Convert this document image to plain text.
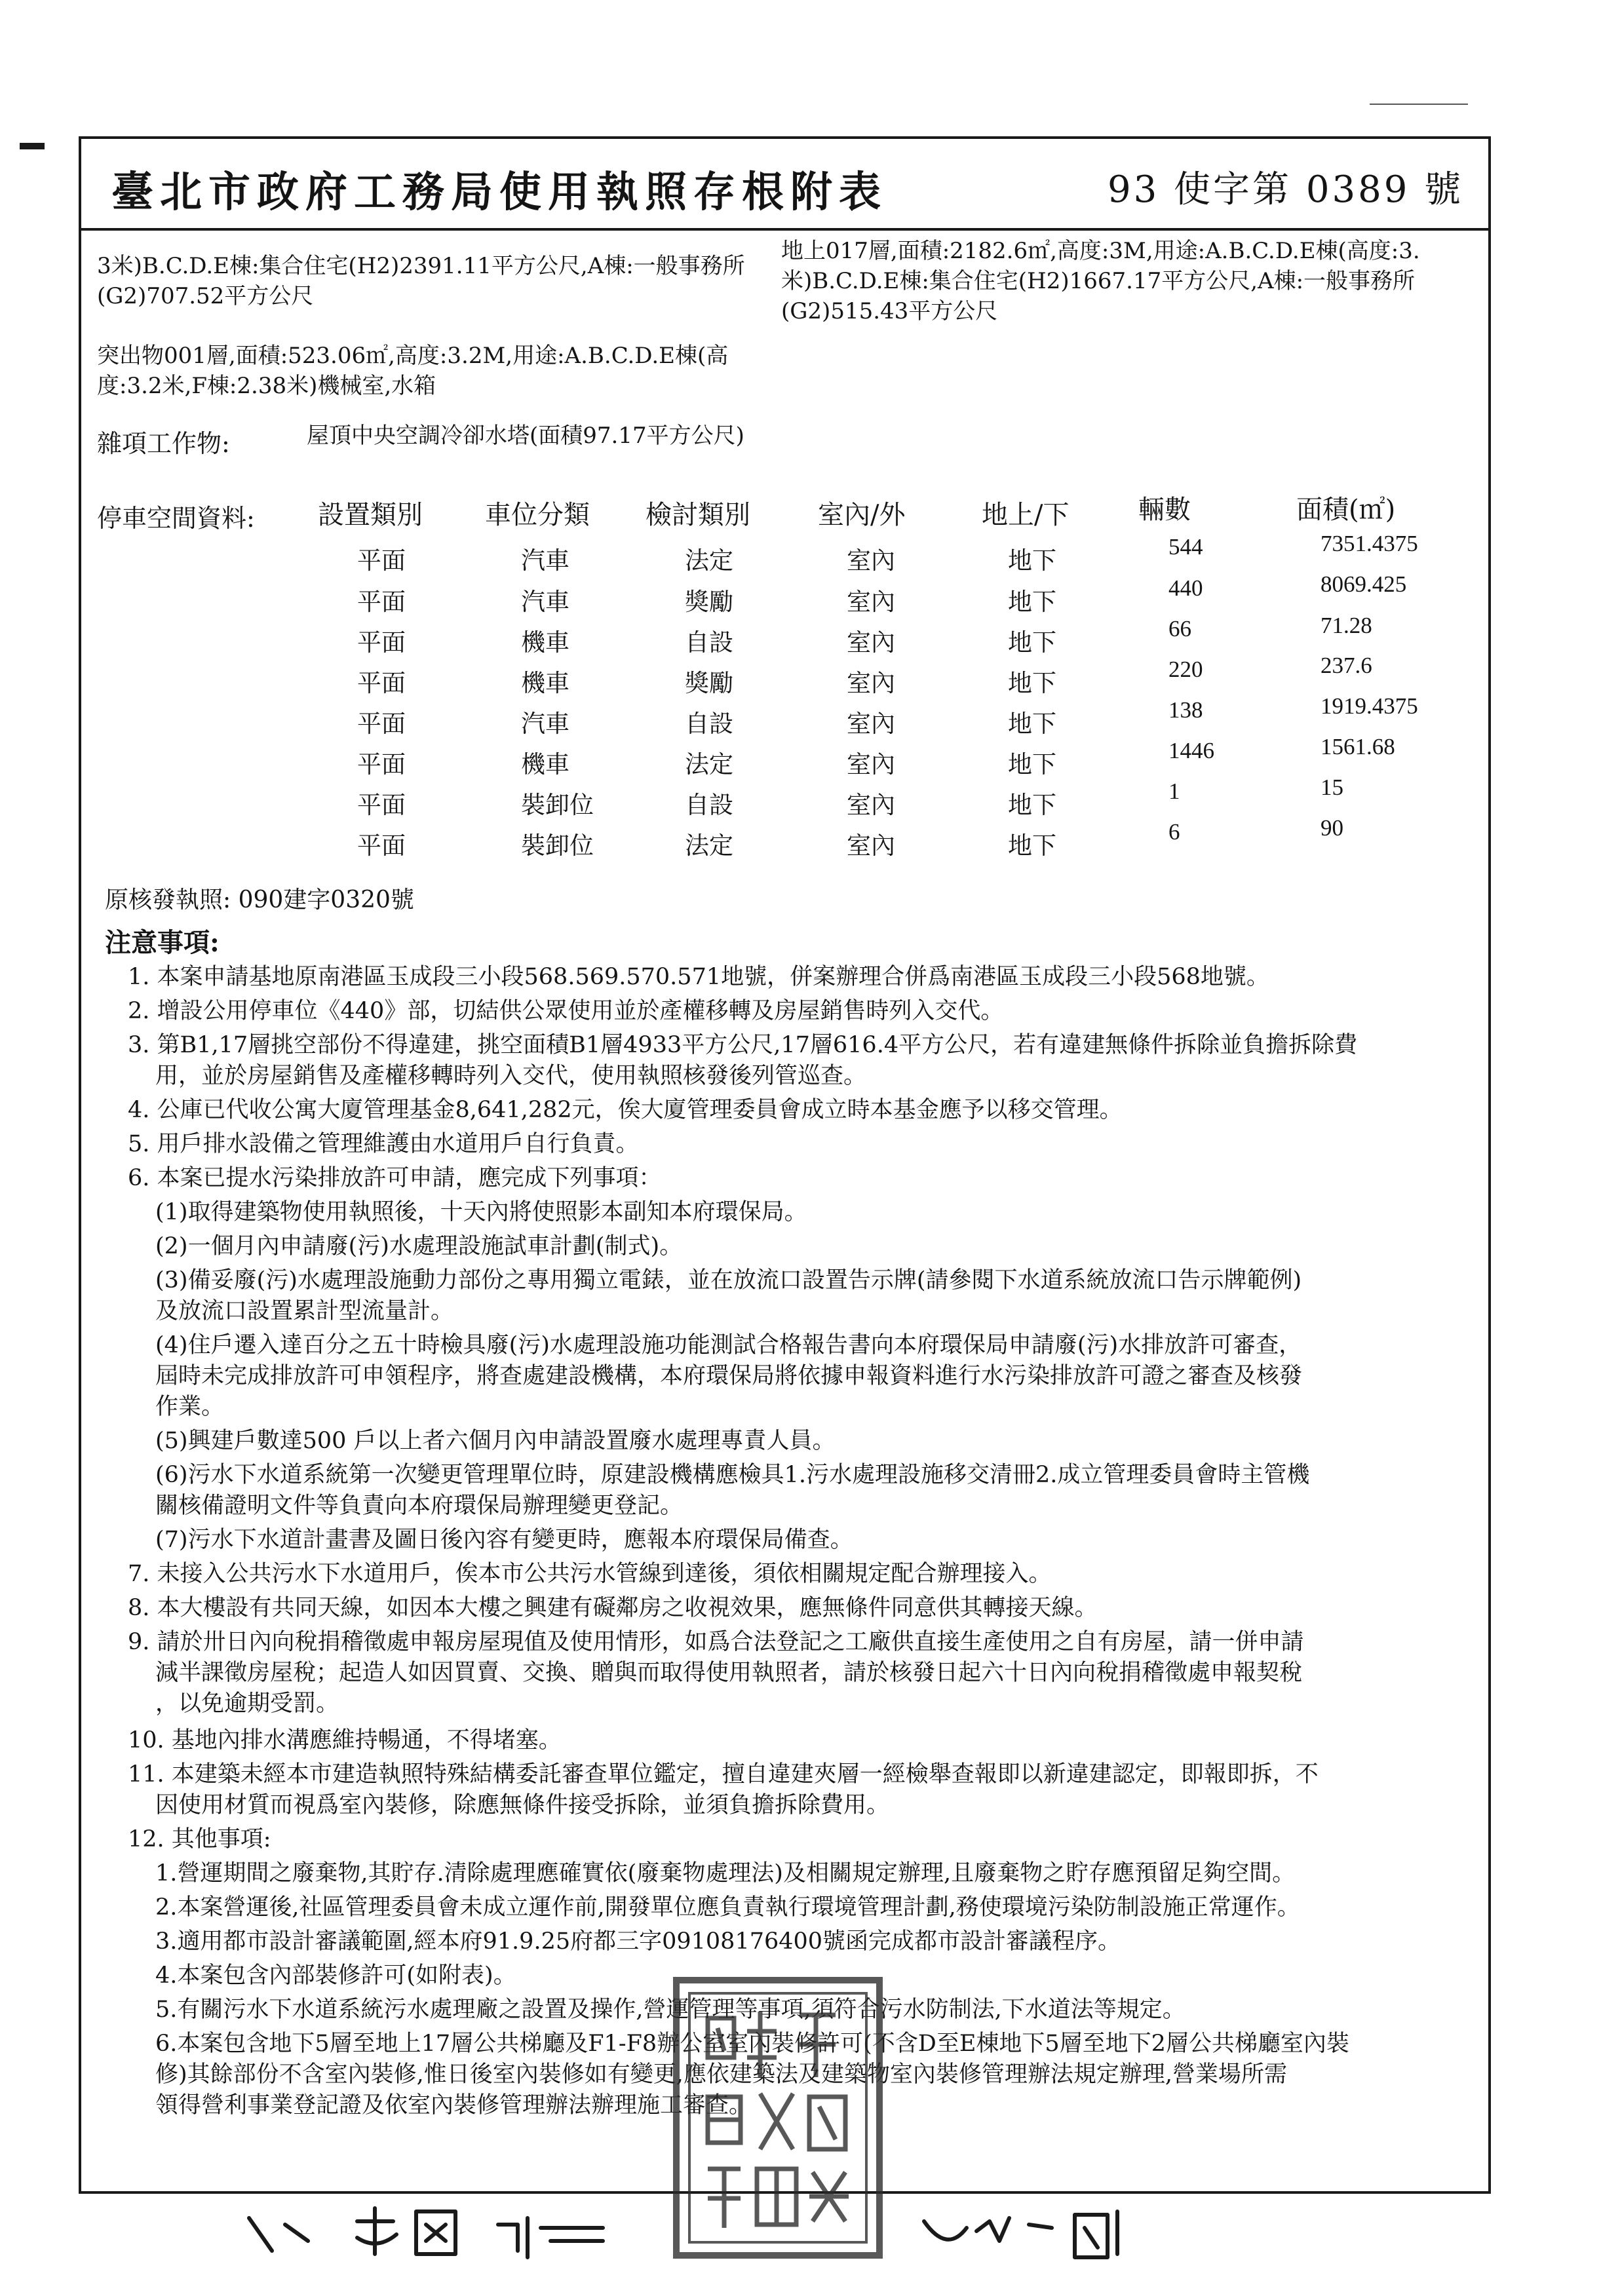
臺北市政府工務局使用執照存根附表	93 使字第 0389 號

3米)B.C.D.E棟:集合住宅(H2)2391.11平方公尺,A棟:一般事務所(G2)707.52平方公尺

地上017層,面積:2182.6㎡,高度:3M,用途:A.B.C.D.E棟(高度:3.米)B.C.D.E棟:集合住宅(H2)1667.17平方公尺,A棟:一般事務所(G2)515.43平方公尺

突出物001層,面積:523.06㎡,高度:3.2M,用途:A.B.C.D.E棟(高度:3.2米,F棟:2.38米)機械室,水箱

雜項工作物:	屋頂中央空調冷卻水塔(面積97.17平方公尺)

停車空間資料: 設置類別 車位分類 檢討類別	室內/外	地上/下	輛數	面積(㎡)
平面	汽車	法定	室內	地下	544	7351.4375
平面	汽車	獎勵	室內	地下	440	8069.425
平面	機車	自設	室內	地下	66	71.28
平面	機車	獎勵	室內	地下	220	237.6
平面	汽車	自設	室內	地下	138	1919.4375
平面	機車	法定	室內	地下	1446	1561.68
平面	裝卸位	自設	室內	地下	1	15
平面	裝卸位	法定	室內	地下	6	90
原核發執照: 090建字0320號
注意事項:
1. 本案申請基地原南港區玉成段三小段568.569.570.571地號，併案辦理合併爲南港區玉成段三小段568地號。
2. 增設公用停車位《440》部，切結供公眾使用並於產權移轉及房屋銷售時列入交代。
3. 第B1,17層挑空部份不得違建，挑空面積B1層4933平方公尺,17層616.4平方公尺，若有違建無條件拆除並負擔拆除費
用，並於房屋銷售及產權移轉時列入交代，使用執照核發後列管巡查。
4. 公庫已代收公寓大廈管理基金8,641,282元，俟大廈管理委員會成立時本基金應予以移交管理。
5. 用戶排水設備之管理維護由水道用戶自行負責。
6. 本案已提水污染排放許可申請，應完成下列事項：
(1)取得建築物使用執照後，十天內將使照影本副知本府環保局。
(2)一個月內申請廢(污)水處理設施試車計劃(制式)。
(3)備妥廢(污)水處理設施動力部份之專用獨立電錶，並在放流口設置告示牌(請參閱下水道系統放流口告示牌範例)
及放流口設置累計型流量計。
(4)住戶遷入達百分之五十時檢具廢(污)水處理設施功能測試合格報告書向本府環保局申請廢(污)水排放許可審查，
屆時未完成排放許可申領程序，將查處建設機構，本府環保局將依據申報資料進行水污染排放許可證之審查及核發
作業。
(5)興建戶數達500 戶以上者六個月內申請設置廢水處理專責人員。
(6)污水下水道系統第一次變更管理單位時，原建設機構應檢具1.污水處理設施移交清冊2.成立管理委員會時主管機
關核備證明文件等負責向本府環保局辦理變更登記。
(7)污水下水道計畫書及圖日後內容有變更時，應報本府環保局備查。
7. 未接入公共污水下水道用戶，俟本市公共污水管線到達後，須依相關規定配合辦理接入。
8. 本大樓設有共同天線，如因本大樓之興建有礙鄰房之收視效果，應無條件同意供其轉接天線。
9. 請於卅日內向稅捐稽徵處申報房屋現值及使用情形，如爲合法登記之工廠供直接生產使用之自有房屋，請一併申請
減半課徵房屋稅；起造人如因買賣、交換、贈與而取得使用執照者，請於核發日起六十日內向稅捐稽徵處申報契稅
，以免逾期受罰。
10. 基地內排水溝應維持暢通，不得堵塞。
11. 本建築未經本市建造執照特殊結構委託審查單位鑑定，擅自違建夾層一經檢舉查報即以新違建認定，即報即拆，不
因使用材質而視爲室內裝修，除應無條件接受拆除，並須負擔拆除費用。
12. 其他事項:
1.營運期間之廢棄物,其貯存.清除處理應確實依(廢棄物處理法)及相關規定辦理,且廢棄物之貯存應預留足夠空間。
2.本案營運後,社區管理委員會未成立運作前,開發單位應負責執行環境管理計劃,務使環境污染防制設施正常運作。
3.適用都市設計審議範圍,經本府91.9.25府都三字09108176400號函完成都市設計審議程序。
4.本案包含內部裝修許可(如附表)。
5.有關污水下水道系統污水處理廠之設置及操作,營運管理等事項,須符合污水防制法,下水道法等規定。
6.本案包含地下5層至地上17層公共梯廳及F1-F8辦公室室內裝修許可(不含D至E棟地下5層至地下2層公共梯廳室內裝
修)其餘部份不含室內裝修,惟日後室內裝修如有變更,應依建築法及建築物室內裝修管理辦法規定辦理,營業場所需
領得營利事業登記證及依室內裝修管理辦法辦理施工審查。
